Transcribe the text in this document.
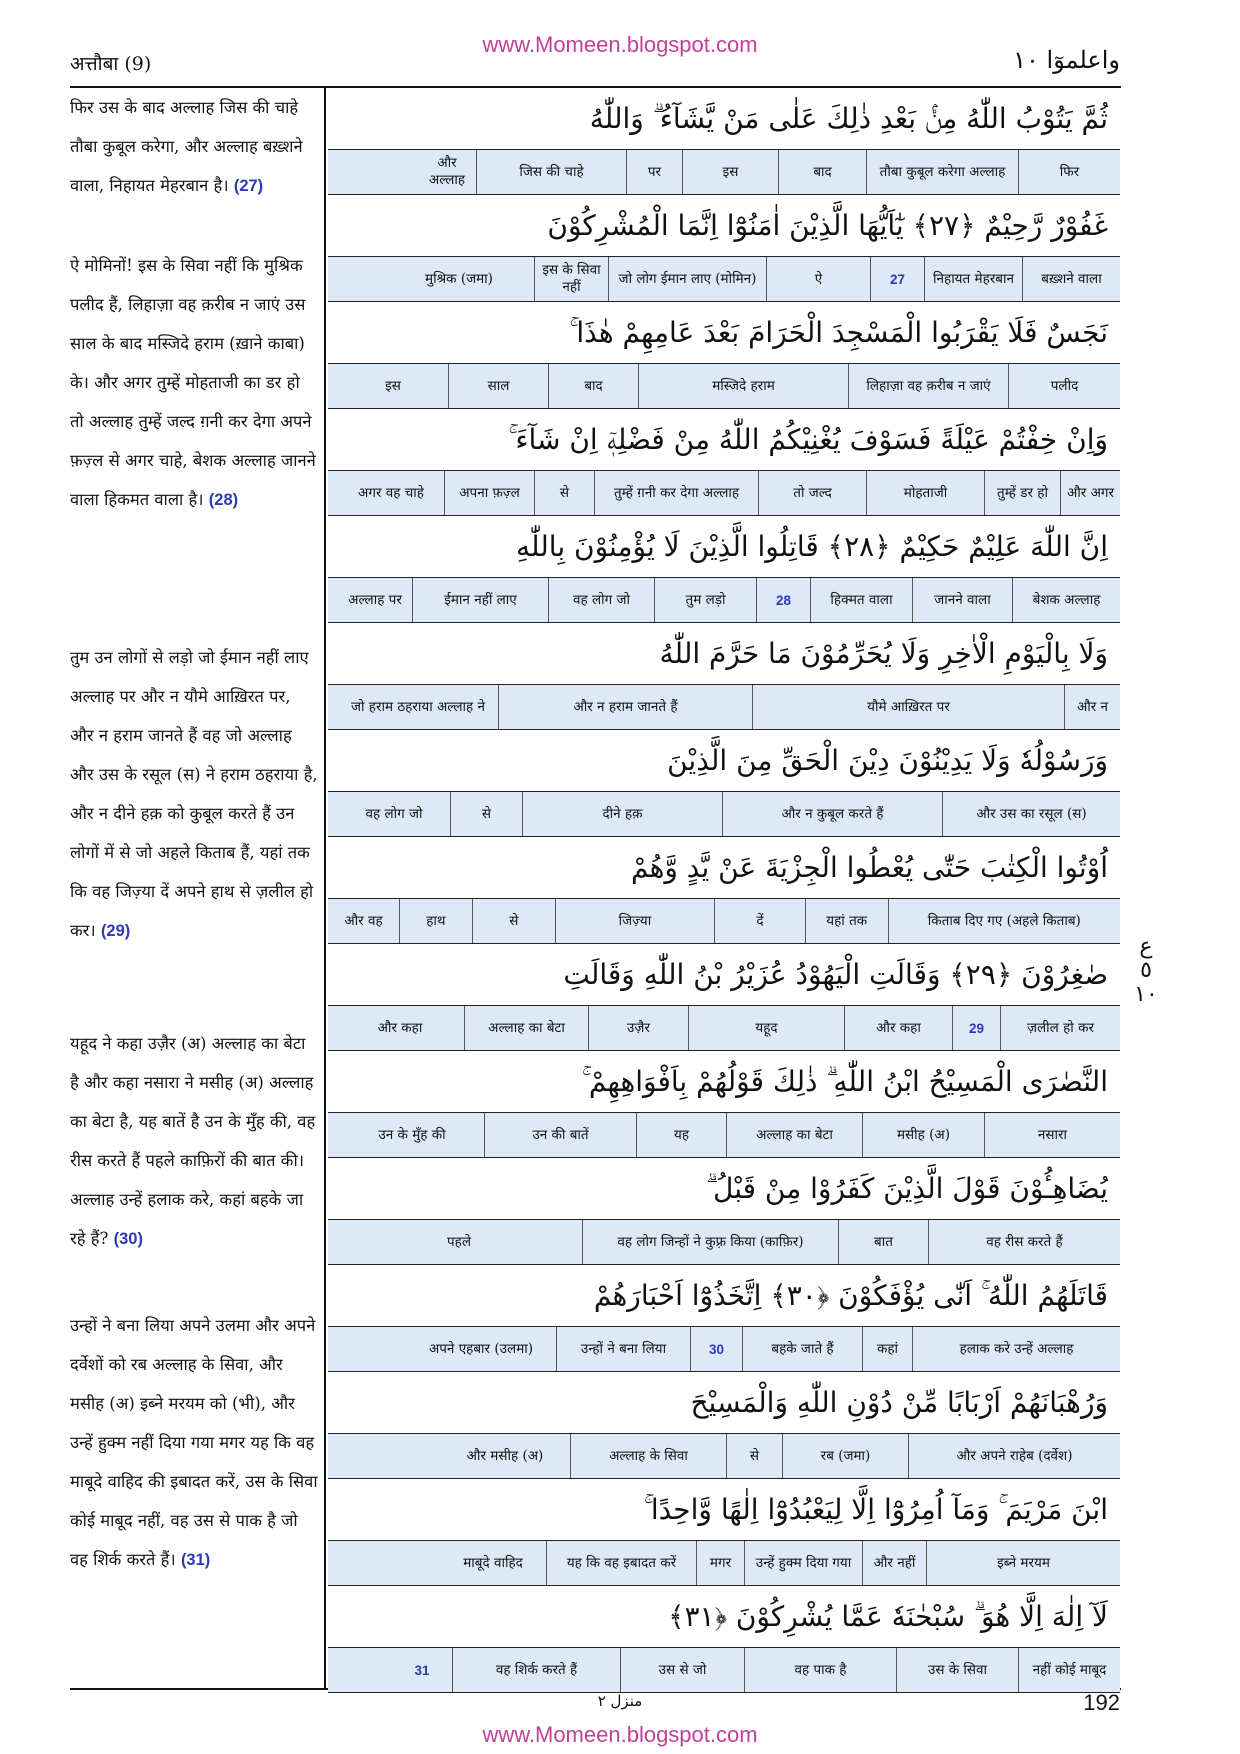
www.Momeen.blogspot.com
अत्तौबा (9)	واعلموٓا ١٠
फिर उस के बाद अल्लाह जिस की चाहे तौबा कुबूल करेगा, और अल्लाह बख़्शने वाला, निहायत मेहरबान है। (27)
ऐ मोमिनों! इस के सिवा नहीं कि मुश्रिक पलीद हैं, लिहाज़ा वह क़रीब न जाएं उस साल के बाद मस्जिदे हराम (ख़ाने काबा) के। और अगर तुम्हें मोहताजी का डर हो तो अल्लाह तुम्हें जल्द ग़नी कर देगा अपने फ़ज़्ल से अगर चाहे, बेशक अल्लाह जानने वाला हिकमत वाला है। (28)
तुम उन लोगों से लड़ो जो ईमान नहीं लाए अल्लाह पर और न यौमे आख़िरत पर, और न हराम जानते हैं वह जो अल्लाह और उस के रसूल (स) ने हराम ठहराया है, और न दीने हक़ को कुबूल करते हैं उन लोगों में से जो अहले किताब हैं, यहां तक कि वह जिज़्या दें अपने हाथ से ज़लील हो कर। (29)
यहूद ने कहा उज़ैर (अ) अल्लाह का बेटा है और कहा नसारा ने मसीह (अ) अल्लाह का बेटा है, यह बातें है उन के मुँह की, वह रीस करते हैं पहले काफ़िरों की बात की। अल्लाह उन्हें हलाक करे, कहां बहके जा रहे हैं? (30)
उन्हों ने बना लिया अपने उलमा और अपने दर्वेशों को रब अल्लाह के सिवा, और मसीह (अ) इब्ने मरयम को (भी), और उन्हें हुक्म नहीं दिया गया मगर यह कि वह माबूदे वाहिद की इबादत करें, उस के सिवा कोई माबूद नहीं, वह उस से पाक है जो वह शिर्क करते हैं। (31)
ثُمَّ يَتُوْبُ اللّٰهُ مِنْۢ بَعْدِ ذٰلِكَ عَلٰى مَنْ يَّشَآءُ ۗ وَاللّٰهُ
फिर
तौबा कुबूल करेगा अल्लाह
बाद
इस
पर
जिस की चाहे
और अल्लाह
غَفُوْرٌ رَّحِيْمٌ ﴿٢٧﴾ يٰٓاَيُّهَا الَّذِيْنَ اٰمَنُوْٓا اِنَّمَا الْمُشْرِكُوْنَ
बख़्शने वाला
निहायत मेहरबान
27
ऐ
जो लोग ईमान लाए (मोमिन)
इस के सिवा नहीं
मुश्रिक (जमा)
نَجَسٌ فَلَا يَقْرَبُوا الْمَسْجِدَ الْحَرَامَ بَعْدَ عَامِهِمْ هٰذَا ۚ
पलीद
लिहाज़ा वह क़रीब न जाएं
मस्जिदे हराम
बाद
साल
इस
وَاِنْ خِفْتُمْ عَيْلَةً فَسَوْفَ يُغْنِيْكُمُ اللّٰهُ مِنْ فَضْلِهٖٓ اِنْ شَآءَ ۚ
और अगर
तुम्हें डर हो
मोहताजी
तो जल्द
तुम्हें ग़नी कर देगा अल्लाह
से
अपना फ़ज़्ल
अगर वह चाहे
اِنَّ اللّٰهَ عَلِيْمٌ حَكِيْمٌ ﴿٢٨﴾ قَاتِلُوا الَّذِيْنَ لَا يُؤْمِنُوْنَ بِاللّٰهِ
बेशक अल्लाह
जानने वाला
हिक्मत वाला
28
तुम लड़ो
वह लोग जो
ईमान नहीं लाए
अल्लाह पर
وَلَا بِالْيَوْمِ الْاٰخِرِ وَلَا يُحَرِّمُوْنَ مَا حَرَّمَ اللّٰهُ
और न
यौमे आख़िरत पर
और न हराम जानते हैं
जो हराम ठहराया अल्लाह ने
وَرَسُوْلُهٗ وَلَا يَدِيْنُوْنَ دِيْنَ الْحَقِّ مِنَ الَّذِيْنَ
और उस का रसूल (स)
और न कुबूल करते हैं
दीने हक़
से
वह लोग जो
اُوْتُوا الْكِتٰبَ حَتّٰى يُعْطُوا الْجِزْيَةَ عَنْ يَّدٍ وَّهُمْ
किताब दिए गए (अहले किताब)
यहां तक
दें
जिज़्या
से
हाथ
और वह
صٰغِرُوْنَ ﴿٢٩﴾ وَقَالَتِ الْيَهُوْدُ عُزَيْرُ بْنُ اللّٰهِ وَقَالَتِ
ज़लील हो कर
29
और कहा
यहूद
उज़ैर
अल्लाह का बेटा
और कहा
النَّصٰرَى الْمَسِيْحُ ابْنُ اللّٰهِ ۗ ذٰلِكَ قَوْلُهُمْ بِاَفْوَاهِهِمْ ۚ
नसारा
मसीह (अ)
अल्लाह का बेटा
यह
उन की बातें
उन के मुँह की
يُضَاهِـُٔوْنَ قَوْلَ الَّذِيْنَ كَفَرُوْا مِنْ قَبْلُ ۗ
वह रीस करते हैं
बात
वह लोग जिन्हों ने कुफ़्र किया (काफ़िर)
पहले
قَاتَلَهُمُ اللّٰهُ ۚ اَنّٰى يُؤْفَكُوْنَ ﴿٣٠﴾ اِتَّخَذُوْٓا اَحْبَارَهُمْ
हलाक करे उन्हें अल्लाह
कहां
बहके जाते हैं
30
उन्हों ने बना लिया
अपने एहबार (उलमा)
وَرُهْبَانَهُمْ اَرْبَابًا مِّنْ دُوْنِ اللّٰهِ وَالْمَسِيْحَ
और अपने राहेब (दर्वेश)
रब (जमा)
से
अल्लाह के सिवा
और मसीह (अ)
ابْنَ مَرْيَمَ ۚ وَمَآ اُمِرُوْٓا اِلَّا لِيَعْبُدُوْٓا اِلٰهًا وَّاحِدًا ۚ
इब्ने मरयम
और नहीं
उन्हें हुक्म दिया गया
मगर
यह कि वह इबादत करें
माबूदे वाहिद
لَآ اِلٰهَ اِلَّا هُوَ ۗ سُبْحٰنَهٗ عَمَّا يُشْرِكُوْنَ ﴿٣١﴾
नहीं कोई माबूद
उस के सिवा
वह पाक है
उस से जो
वह शिर्क करते हैं
31
ع ٥ ١٠
منزل ٢	192
www.Momeen.blogspot.com
